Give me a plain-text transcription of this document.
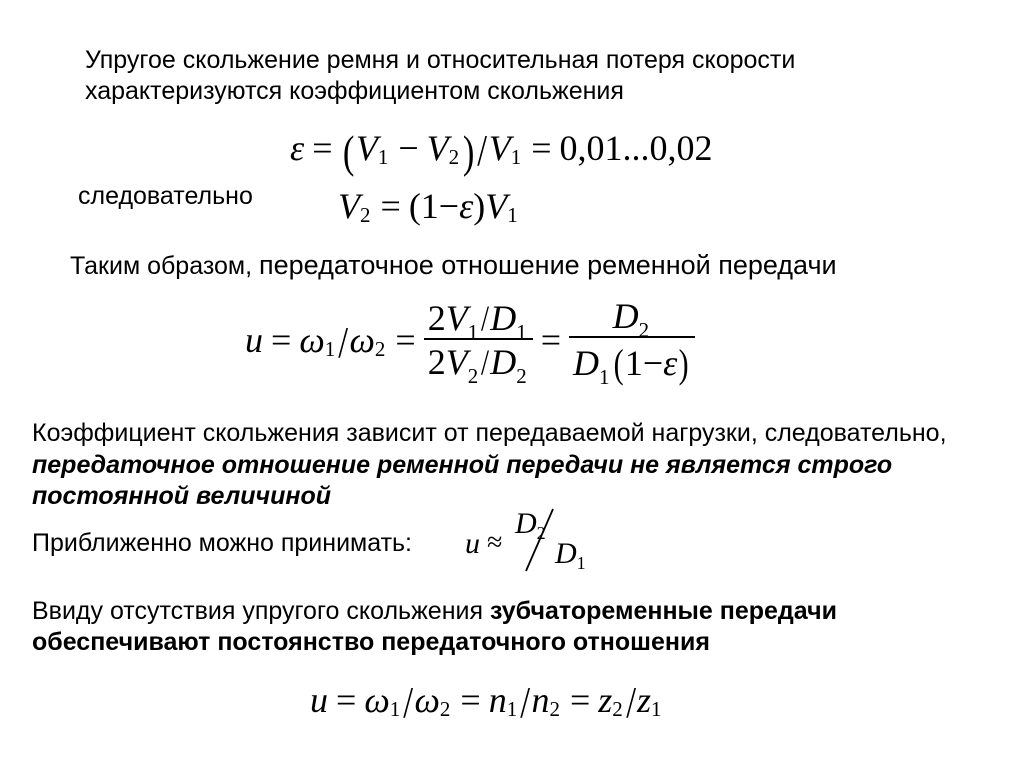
Упругое скольжение ремня и относительная потеря скорости
характеризуются коэффициентом скольжения
ε = ( V 1 − V 2 ) / V 1 = 0,01...0,02
следовательно V 2 = (1− ε ) V 1
Таким образом, передаточное отношение ременной передачи
u = ω 1 / ω $2 = \frac{2V_1/D_1}{2V_2/D_2} = \frac{D_2}{D_1(1-\varepsilon)}$
Коэффициент скольжения зависит от передаваемой нагрузки, следовательно,
передаточное отношение ременной передачи не является строго
постоянной величиной
Приближенно можно принимать: u ≈
$D_2$
$D_1$
Ввиду отсутствия упругого скольжения зубчатоременные передачи
обеспечивают постоянство передаточного отношения
u = ω 1 / ω 2 = n 1 / n 2 = z 2 / z 1
